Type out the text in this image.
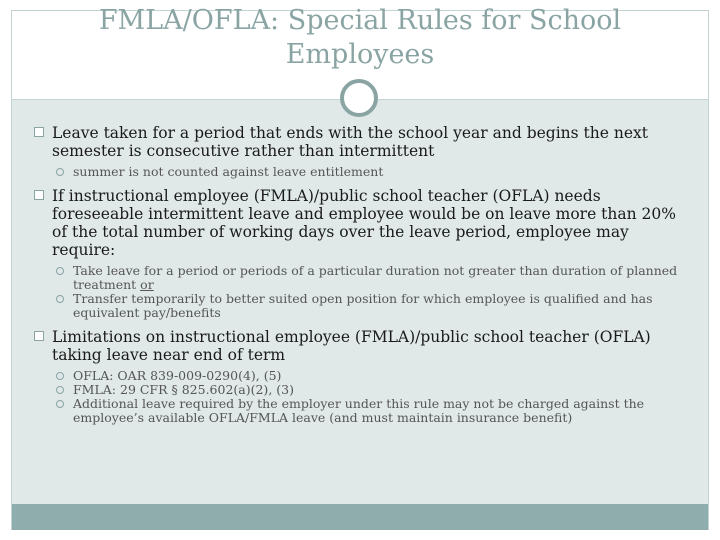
FMLA/OFLA: Special Rules for School
Employees

Leave taken for a period that ends with the school year and begins the next semester is consecutive rather than intermittent

summer is not counted against leave entitlement

If instructional employee (FMLA)/public school teacher (OFLA) needs foreseeable intermittent leave and employee would be on leave more than 20% of the total number of working days over the leave period, employee may require:

Take leave for a period or periods of a particular duration not greater than duration of planned treatment or

Transfer temporarily to better suited open position for which employee is qualified and has equivalent pay/benefits

Limitations on instructional employee (FMLA)/public school teacher (OFLA) taking leave near end of term

OFLA: OAR 839-009-0290(4), (5)

FMLA: 29 CFR § 825.602(a)(2), (3)

Additional leave required by the employer under this rule may not be charged against the employee’s available OFLA/FMLA leave (and must maintain insurance benefit)
